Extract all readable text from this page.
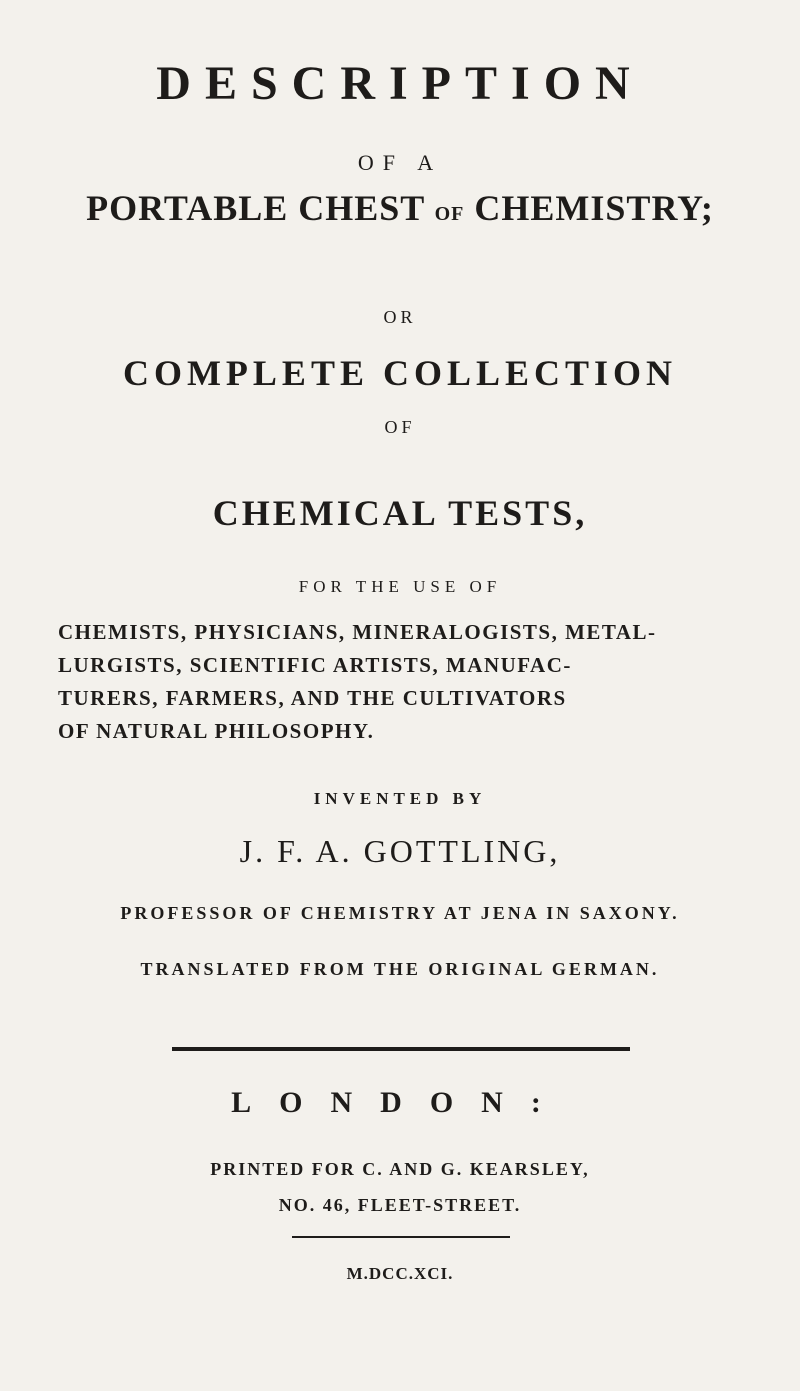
DESCRIPTION
OF A
PORTABLE CHEST OF CHEMISTRY;
OR
COMPLETE COLLECTION
OF
CHEMICAL TESTS,
FOR THE USE OF
CHEMISTS, PHYSICIANS, MINERALOGISTS, METAL-
LURGISTS, SCIENTIFIC ARTISTS, MANUFAC-
TURERS, FARMERS, AND THE CULTIVATORS
OF NATURAL PHILOSOPHY.
INVENTED BY
J. F. A. GOTTLING,
PROFESSOR OF CHEMISTRY AT JENA IN SAXONY.
TRANSLATED FROM THE ORIGINAL GERMAN.
LONDON:
PRINTED FOR C. AND G. KEARSLEY,
NO. 46, FLEET-STREET.
M.DCC.XCI.
